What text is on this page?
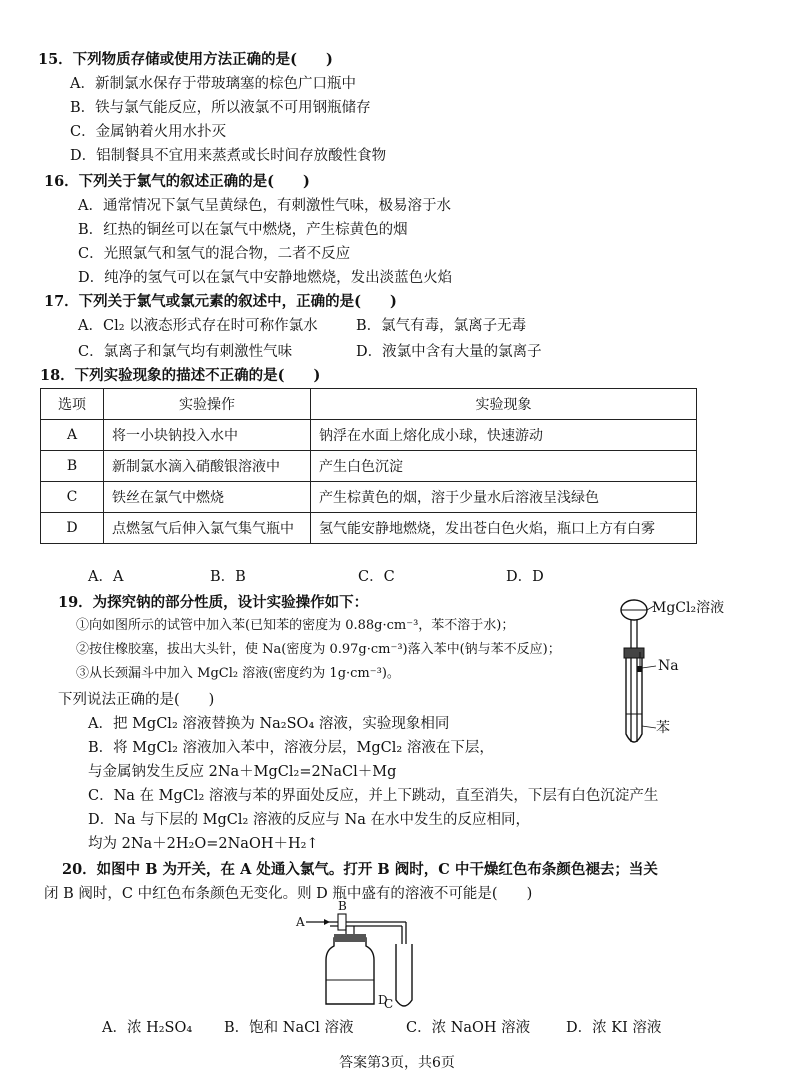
15．下列物质存储或使用方法正确的是(　　)
A．新制氯水保存于带玻璃塞的棕色广口瓶中
B．铁与氯气能反应，所以液氯不可用钢瓶储存
C．金属钠着火用水扑灭
D．铝制餐具不宜用来蒸煮或长时间存放酸性食物
16．下列关于氯气的叙述正确的是(　　)
A．通常情况下氯气呈黄绿色，有刺激性气味，极易溶于水
B．红热的铜丝可以在氯气中燃烧，产生棕黄色的烟
C．光照氯气和氢气的混合物，二者不反应
D．纯净的氢气可以在氯气中安静地燃烧，发出淡蓝色火焰
17．下列关于氯气或氯元素的叙述中，正确的是(　　)
A．Cl₂ 以液态形式存在时可称作氯水	B．氯气有毒，氯离子无毒
C．氯离子和氯气均有刺激性气味	D．液氯中含有大量的氯离子
18．下列实验现象的描述不正确的是(　　)
选项	实验操作	实验现象
A	将一小块钠投入水中	钠浮在水面上熔化成小球，快速游动
B	新制氯水滴入硝酸银溶液中	产生白色沉淀
C	铁丝在氯气中燃烧	产生棕黄色的烟，溶于少量水后溶液呈浅绿色
D	点燃氢气后伸入氯气集气瓶中	氢气能安静地燃烧，发出苍白色火焰，瓶口上方有白雾
A．A	B．B	C．C	D．D
19．为探究钠的部分性质，设计实验操作如下：
①向如图所示的试管中加入苯(已知苯的密度为 0.88g·cm⁻³，苯不溶于水)；
②按住橡胶塞，拔出大头针，使 Na(密度为 0.97g·cm⁻³)落入苯中(钠与苯不反应)；
③从长颈漏斗中加入 MgCl₂ 溶液(密度约为 1g·cm⁻³)。
下列说法正确的是(　　)
A．把 MgCl₂ 溶液替换为 Na₂SO₄ 溶液，实验现象相同
B．将 MgCl₂ 溶液加入苯中，溶液分层，MgCl₂ 溶液在下层，
与金属钠发生反应 2Na＋MgCl₂=2NaCl＋Mg
C．Na 在 MgCl₂ 溶液与苯的界面处反应，并上下跳动，直至消失，下层有白色沉淀产生
D．Na 与下层的 MgCl₂ 溶液的反应与 Na 在水中发生的反应相同，
均为 2Na＋2H₂O=2NaOH＋H₂↑
MgCl₂溶液
Na
苯
20．如图中 B 为开关，在 A 处通入氯气。打开 B 阀时，C 中干燥红色布条颜色褪去；当关
闭 B 阀时，C 中红色布条颜色无变化。则 D 瓶中盛有的溶液不可能是(　　)
A
B
D
C
A．浓 H₂SO₄ B．饱和 NaCl 溶液	C．浓 NaOH 溶液 D．浓 KI 溶液
答案第3页，共6页
